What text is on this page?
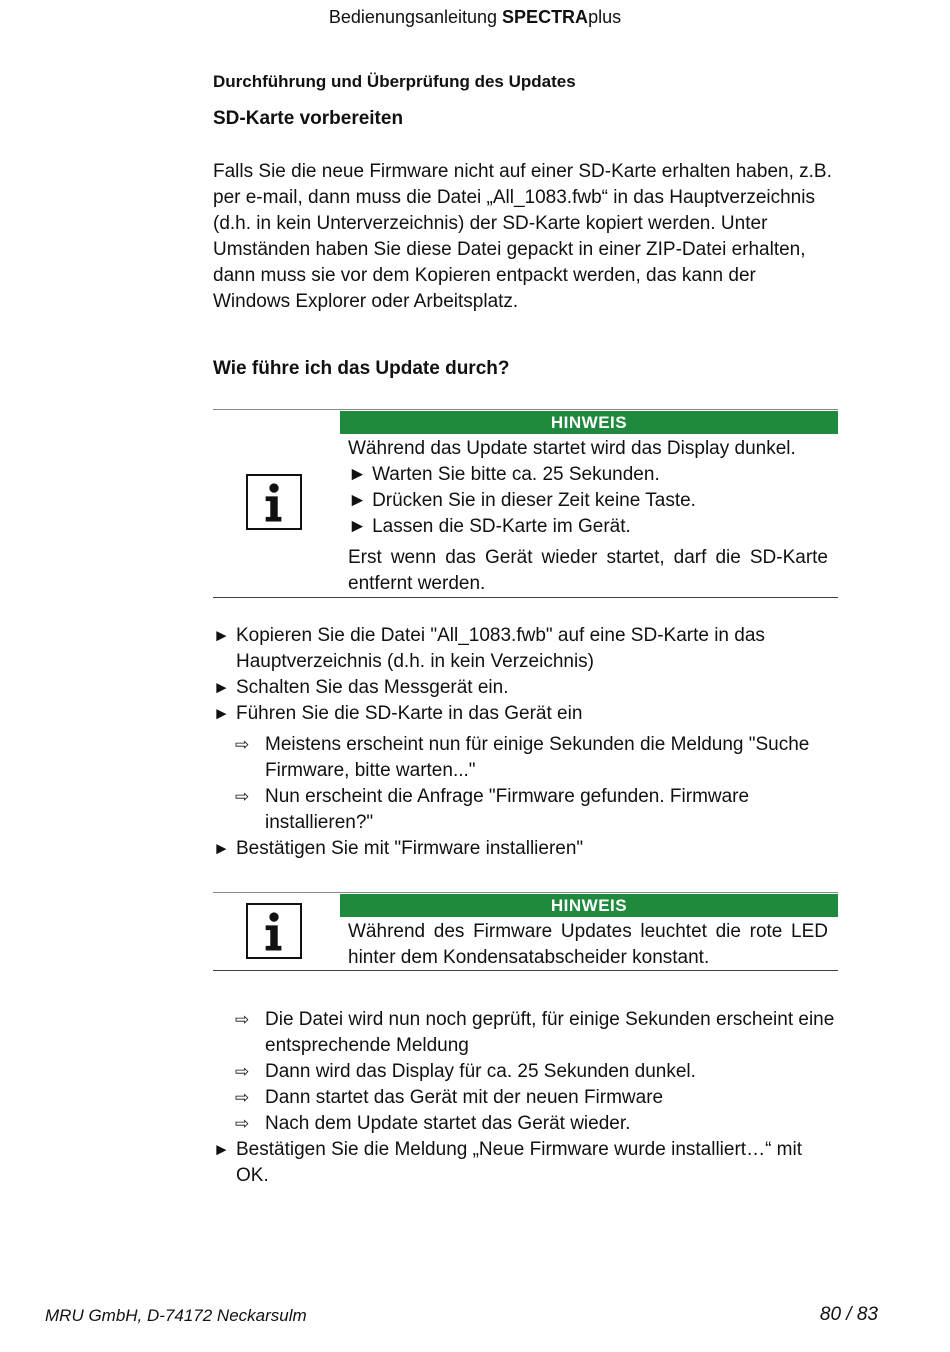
Bedienungsanleitung SPECTRAplus
Durchführung und Überprüfung des Updates
SD-Karte vorbereiten

Falls Sie die neue Firmware nicht auf einer SD-Karte erhalten haben, z.B. per e-mail, dann muss die Datei „All_1083.fwb“ in das Hauptverzeichnis (d.h. in kein Unterverzeichnis) der SD-Karte kopiert werden. Unter Umständen haben Sie diese Datei gepackt in einer ZIP-Datei erhalten, dann muss sie vor dem Kopieren entpackt werden, das kann der Windows Explorer oder Arbeitsplatz.

Wie führe ich das Update durch?
HINWEIS
Während das Update startet wird das Display dunkel.
► Warten Sie bitte ca. 25 Sekunden.
► Drücken Sie in dieser Zeit keine Taste.
► Lassen die SD-Karte im Gerät.
Erst wenn das Gerät wieder startet, darf die SD-Karte entfernt werden.
► Kopieren Sie die Datei "All_1083.fwb" auf eine SD-Karte in das Hauptverzeichnis (d.h. in kein Verzeichnis)
► Schalten Sie das Messgerät ein.
► Führen Sie die SD-Karte in das Gerät ein
⇨ Meistens erscheint nun für einige Sekunden die Meldung "Suche Firmware, bitte warten..."
⇨ Nun erscheint die Anfrage "Firmware gefunden. Firmware installieren?"
► Bestätigen Sie mit "Firmware installieren"
HINWEIS
Während des Firmware Updates leuchtet die rote LED hinter dem Kondensatabscheider konstant.
⇨ Die Datei wird nun noch geprüft, für einige Sekunden erscheint eine entsprechende Meldung
⇨ Dann wird das Display für ca. 25 Sekunden dunkel.
⇨ Dann startet das Gerät mit der neuen Firmware
⇨ Nach dem Update startet das Gerät wieder.
► Bestätigen Sie die Meldung „Neue Firmware wurde installiert…“ mit OK.
MRU GmbH, D-74172 Neckarsulm	80 / 83
